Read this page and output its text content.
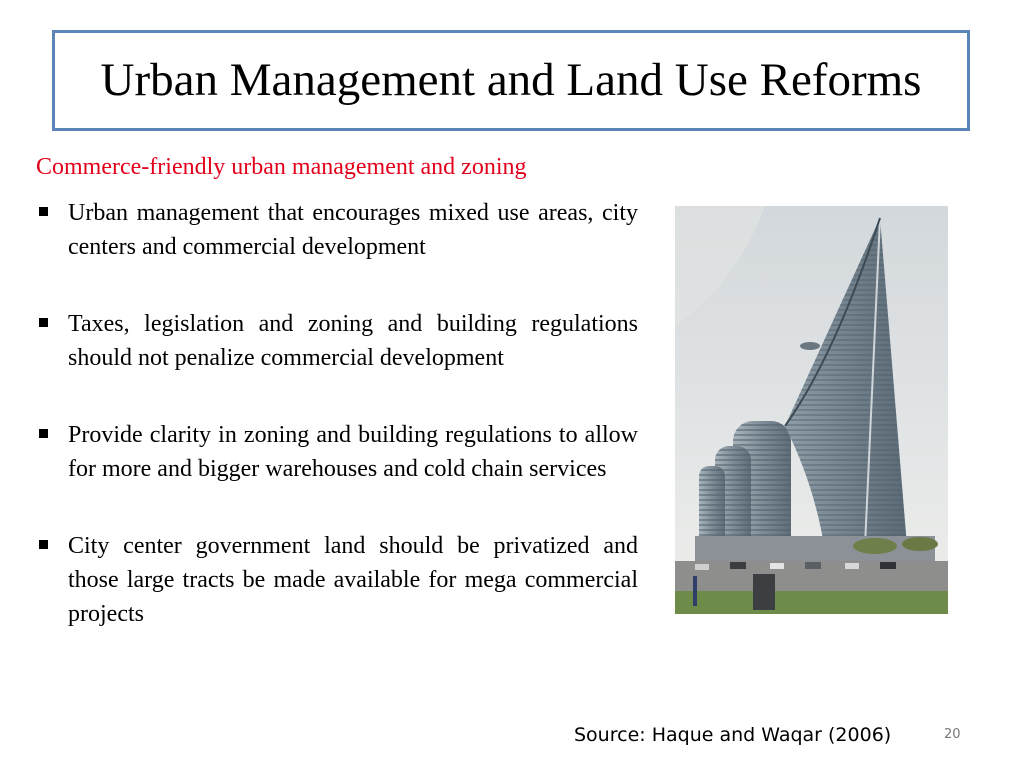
Urban Management and Land Use Reforms
Commerce-friendly urban management and zoning
Urban management that encourages mixed use areas, city centers and commercial development
Taxes, legislation and zoning and building regulations should not penalize commercial development
Provide clarity in zoning and building regulations to allow for more and bigger warehouses and cold chain services
City center government land should be privatized and those large tracts be made available for mega commercial projects
Source: Haque and Waqar (2006)	20
